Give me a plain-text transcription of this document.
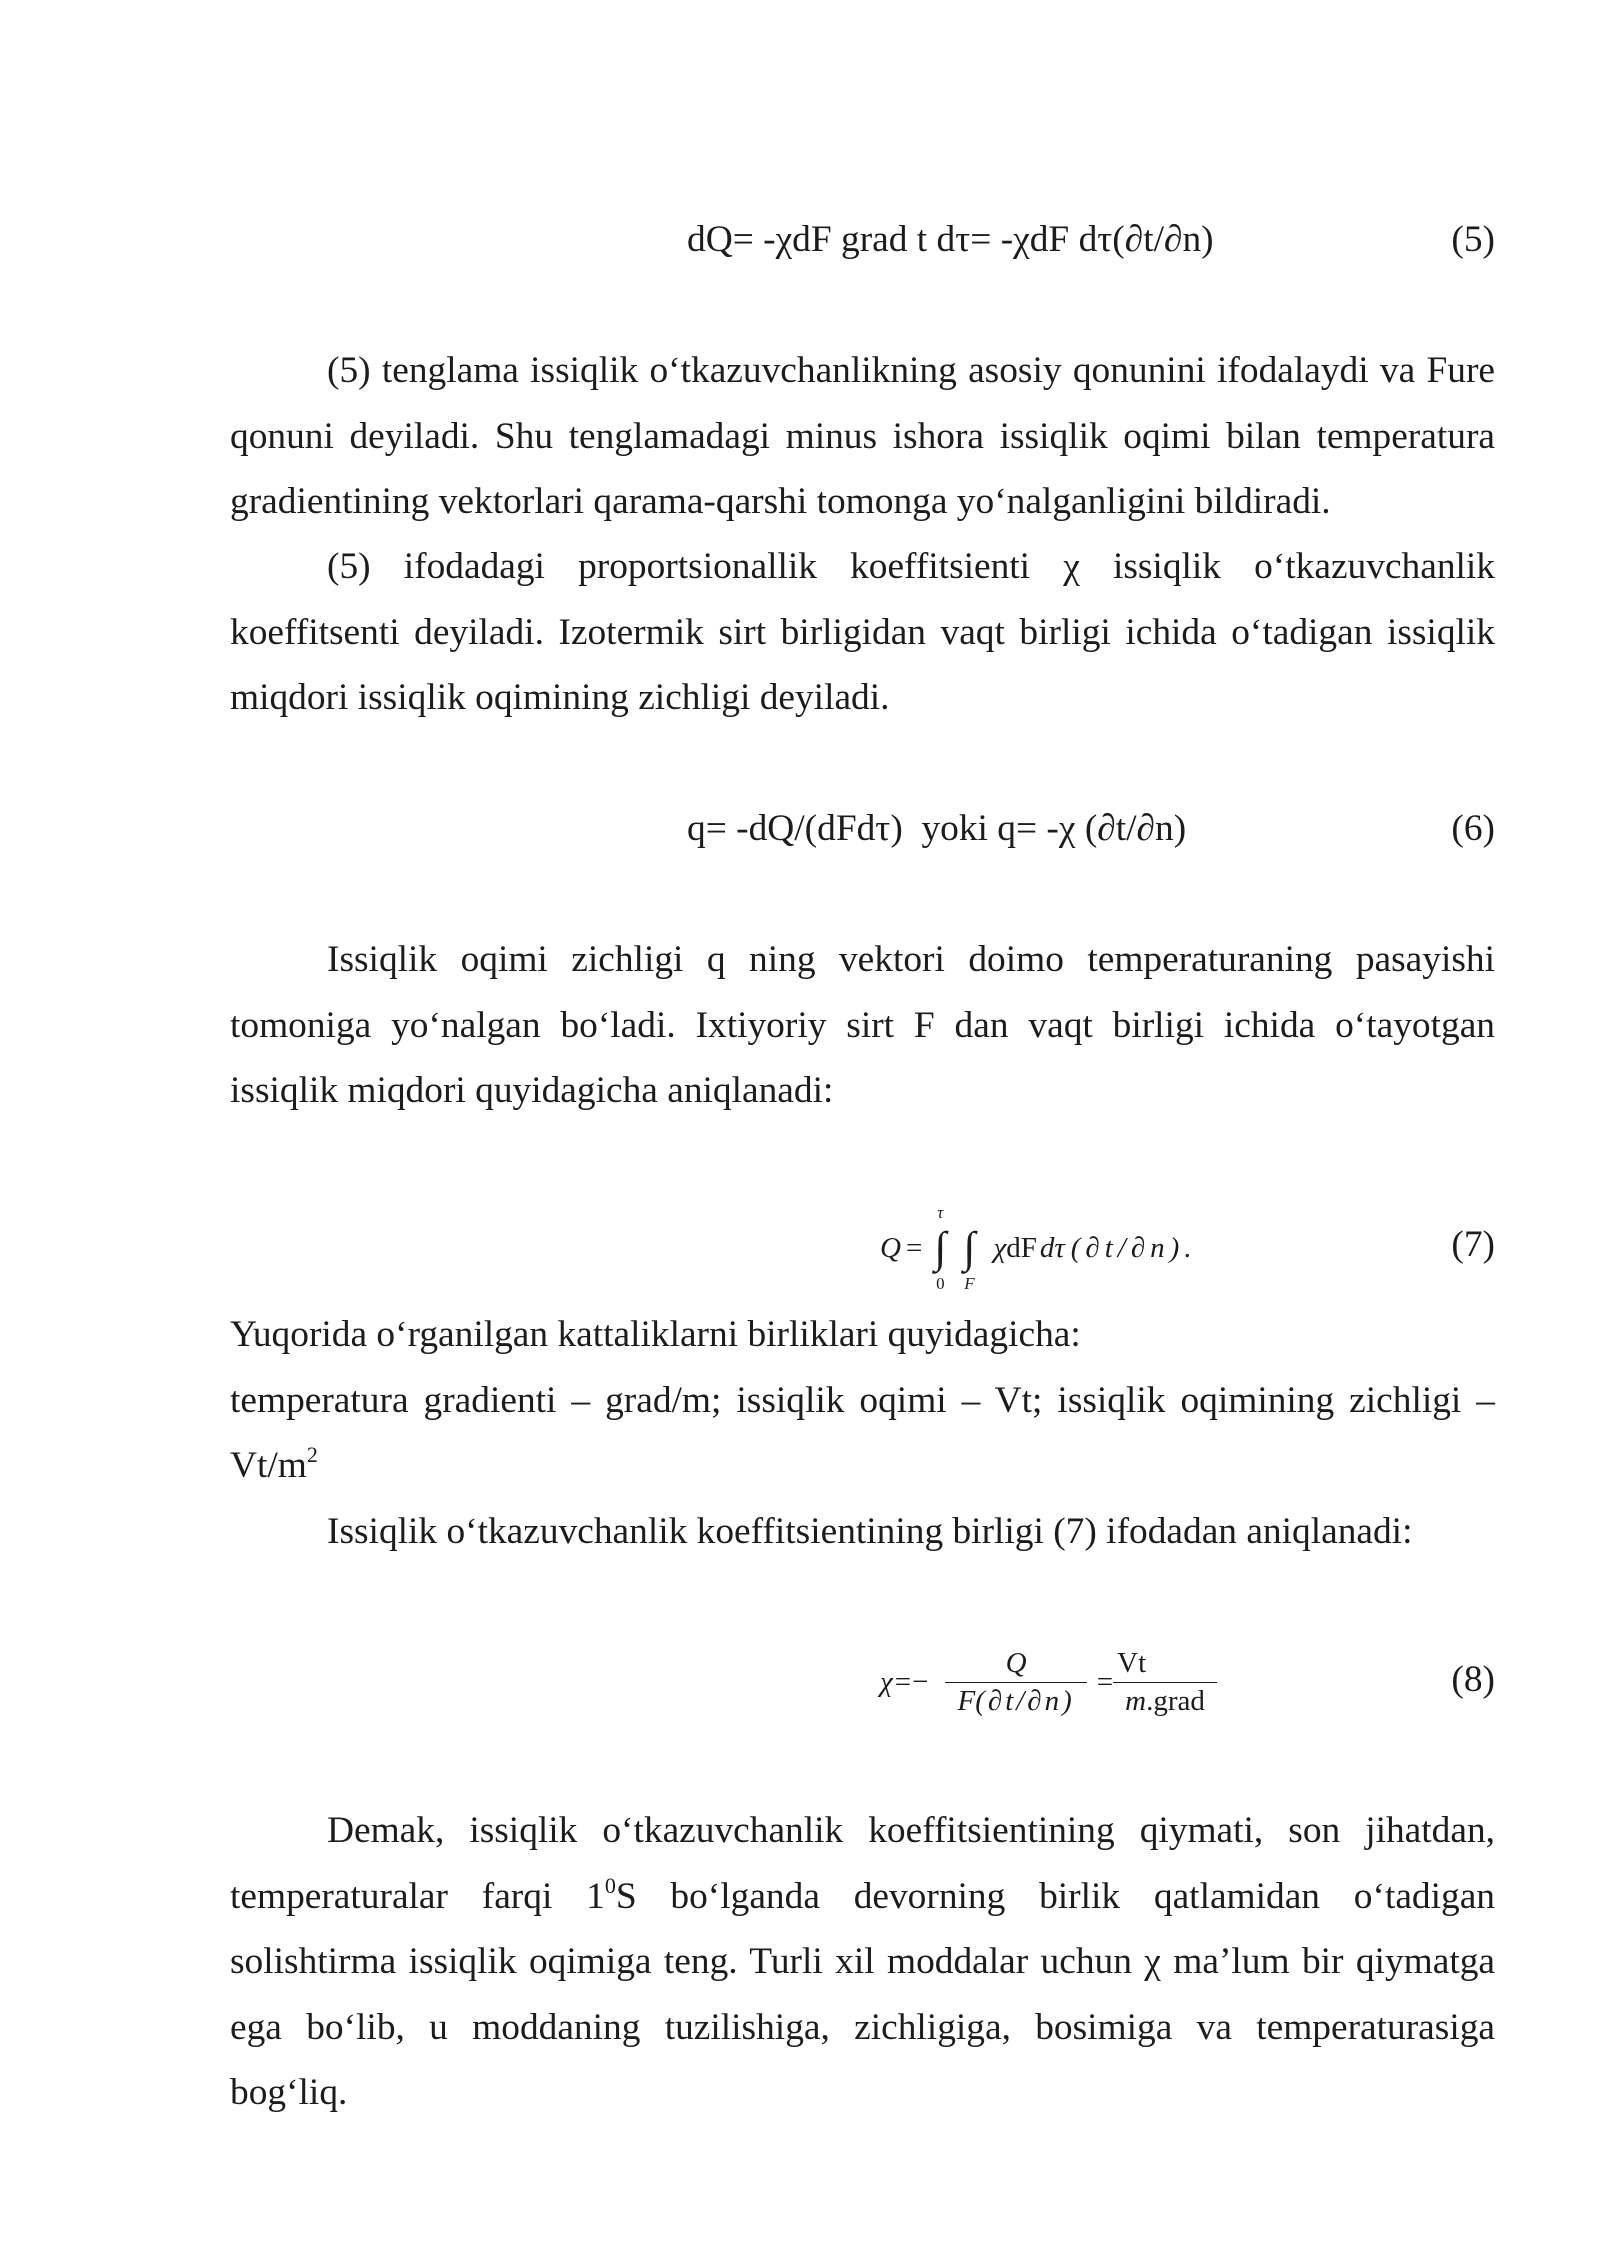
dQ= -χdF grad t dτ= -χdF dτ(∂t/∂n)	(5)
(5) tenglama issiqlik o‘tkazuvchanlikning asosiy qonunini ifodalaydi va Fure
qonuni deyiladi. Shu tenglamadagi minus ishora issiqlik oqimi bilan temperatura
gradientining vektorlari qarama-qarshi tomonga yo‘nalganligini bildiradi.
(5) ifodadagi proportsionallik koeffitsienti χ issiqlik o‘tkazuvchanlik
koeffitsenti deyiladi. Izotermik sirt birligidan vaqt birligi ichida o‘tadigan issiqlik
miqdori issiqlik oqimining zichligi deyiladi.
q= -dQ/(dFdτ)  yoki q= -χ (∂t/∂n)	(6)
Issiqlik oqimi zichligi q ning vektori doimo temperaturaning pasayishi
tomoniga yo‘nalgan bo‘ladi. Ixtiyoriy sirt F dan vaqt birligi ichida o‘tayotgan
issiqlik miqdori quyidagicha aniqlanadi:
Q =
τ
∫
0
∫
F
χ dF dτ (∂t/∂n).	(7)
Yuqorida o‘rganilgan kattaliklarni birliklari quyidagicha:
temperatura gradienti – grad/m; issiqlik oqimi – Vt; issiqlik oqimining zichligi –
$Vt/m^2$
Issiqlik o‘tkazuvchanlik koeffitsientining birligi (7) ifodadan aniqlanadi:
χ = − $\frac{Q}{F(\partial t/\partial n)} = \frac{Vt}{\text{m.grad}}$	(8)
Demak, issiqlik o‘tkazuvchanlik koeffitsientining qiymati, son jihatdan,
temperaturalar farqi $1^0S$ bo‘lganda devorning birlik qatlamidan o‘tadigan
solishtirma issiqlik oqimiga teng. Turli xil moddalar uchun χ ma’lum bir qiymatga
ega bo‘lib, u moddaning tuzilishiga, zichligiga, bosimiga va temperaturasiga
bog‘liq.
